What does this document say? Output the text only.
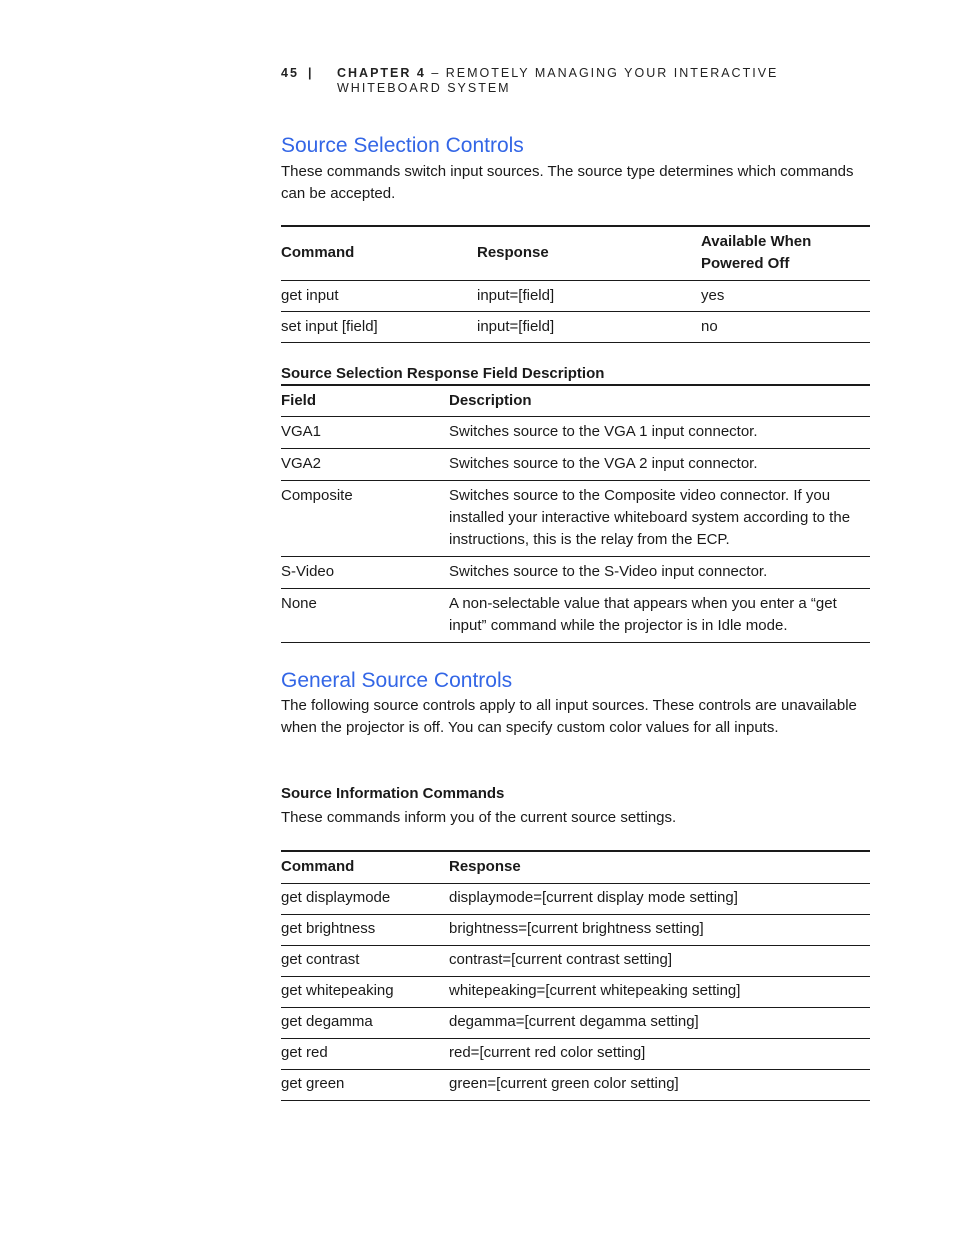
45 | CHAPTER 4 – REMOTELY MANAGING YOUR INTERACTIVE WHITEBOARD SYSTEM
Source Selection Controls

These commands switch input sources. The source type determines which commands can be accepted.

Command	Response	Available When Powered Off
get input	input=[field]	yes
set input [field]	input=[field]	no
Source Selection Response Field Description
Field	Description
VGA1	Switches source to the VGA 1 input connector.
VGA2	Switches source to the VGA 2 input connector.
Composite	Switches source to the Composite video connector. If you installed your interactive whiteboard system according to the instructions, this is the relay from the ECP.
S-Video	Switches source to the S-Video input connector.
None	A non-selectable value that appears when you enter a “get input” command while the projector is in Idle mode.
General Source Controls

The following source controls apply to all input sources. These controls are unavailable when the projector is off. You can specify custom color values for all inputs.

Source Information Commands

These commands inform you of the current source settings.

Command	Response
get displaymode	displaymode=[current display mode setting]
get brightness	brightness=[current brightness setting]
get contrast	contrast=[current contrast setting]
get whitepeaking	whitepeaking=[current whitepeaking setting]
get degamma	degamma=[current degamma setting]
get red	red=[current red color setting]
get green	green=[current green color setting]
